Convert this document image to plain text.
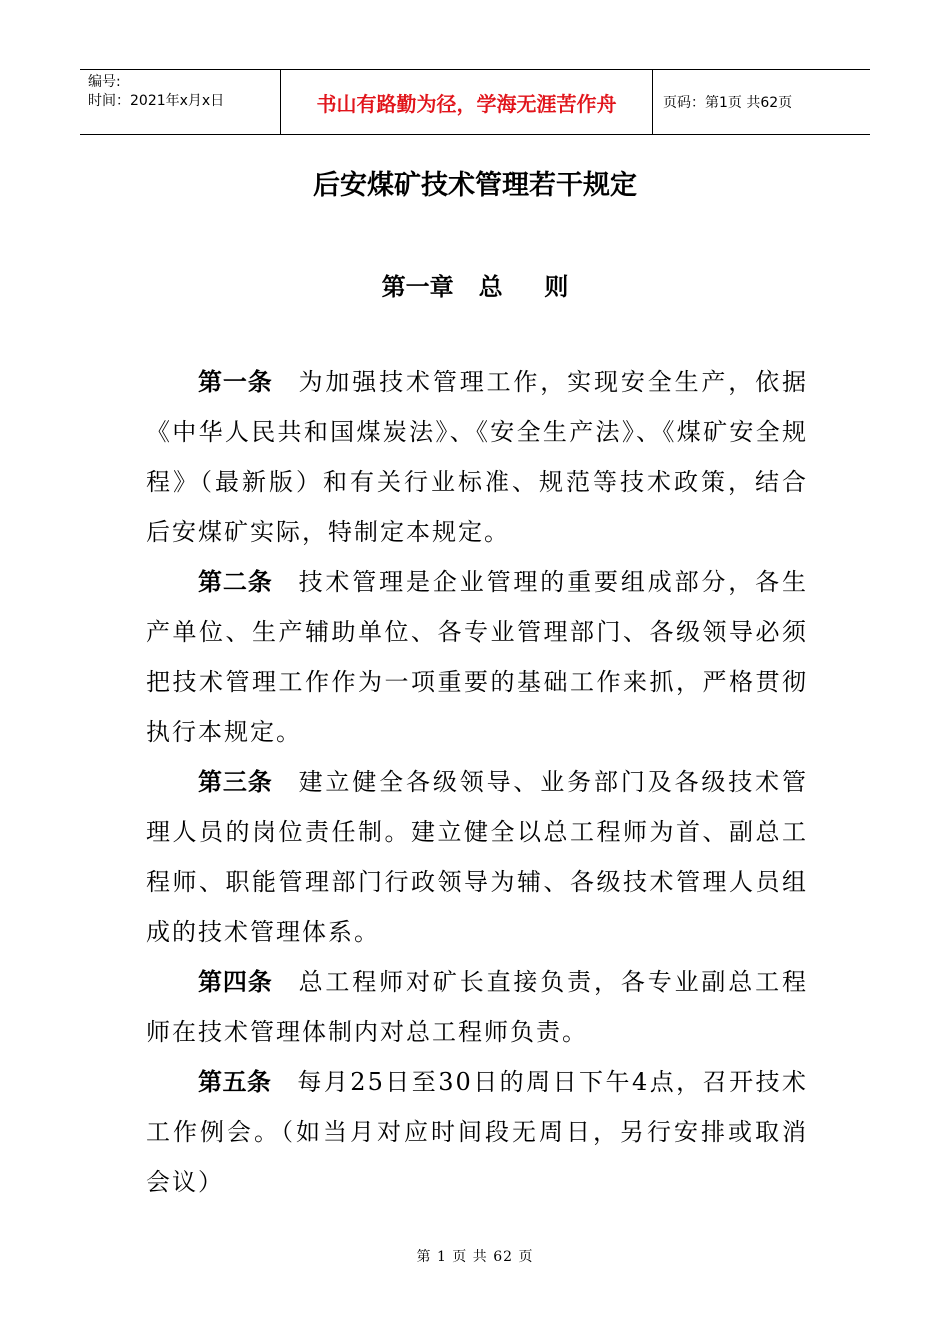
编号:
时间：2021年x月x日	书山有路勤为径，学海无涯苦作舟	页码：第1页 共62页
后安煤矿技术管理若干规定
第一章   总     则

第一条 为加强技术管理工作，实现安全生产，依据《中华人民共和国煤炭法》、《安全生产法》、《煤矿安全规程》（最新版）和有关行业标准、规范等技术政策，结合后安煤矿实际，特制定本规定。

第二条 技术管理是企业管理的重要组成部分，各生产单位、生产辅助单位、各专业管理部门、各级领导必须把技术管理工作作为一项重要的基础工作来抓，严格贯彻执行本规定。

第三条 建立健全各级领导、业务部门及各级技术管理人员的岗位责任制。建立健全以总工程师为首、副总工程师、职能管理部门行政领导为辅、各级技术管理人员组成的技术管理体系。

第四条 总工程师对矿长直接负责，各专业副总工程师在技术管理体制内对总工程师负责。

第五条 每月25日至30日的周日下午4点，召开技术工作例会。（如当月对应时间段无周日，另行安排或取消会议）

第 1 页 共 62 页
